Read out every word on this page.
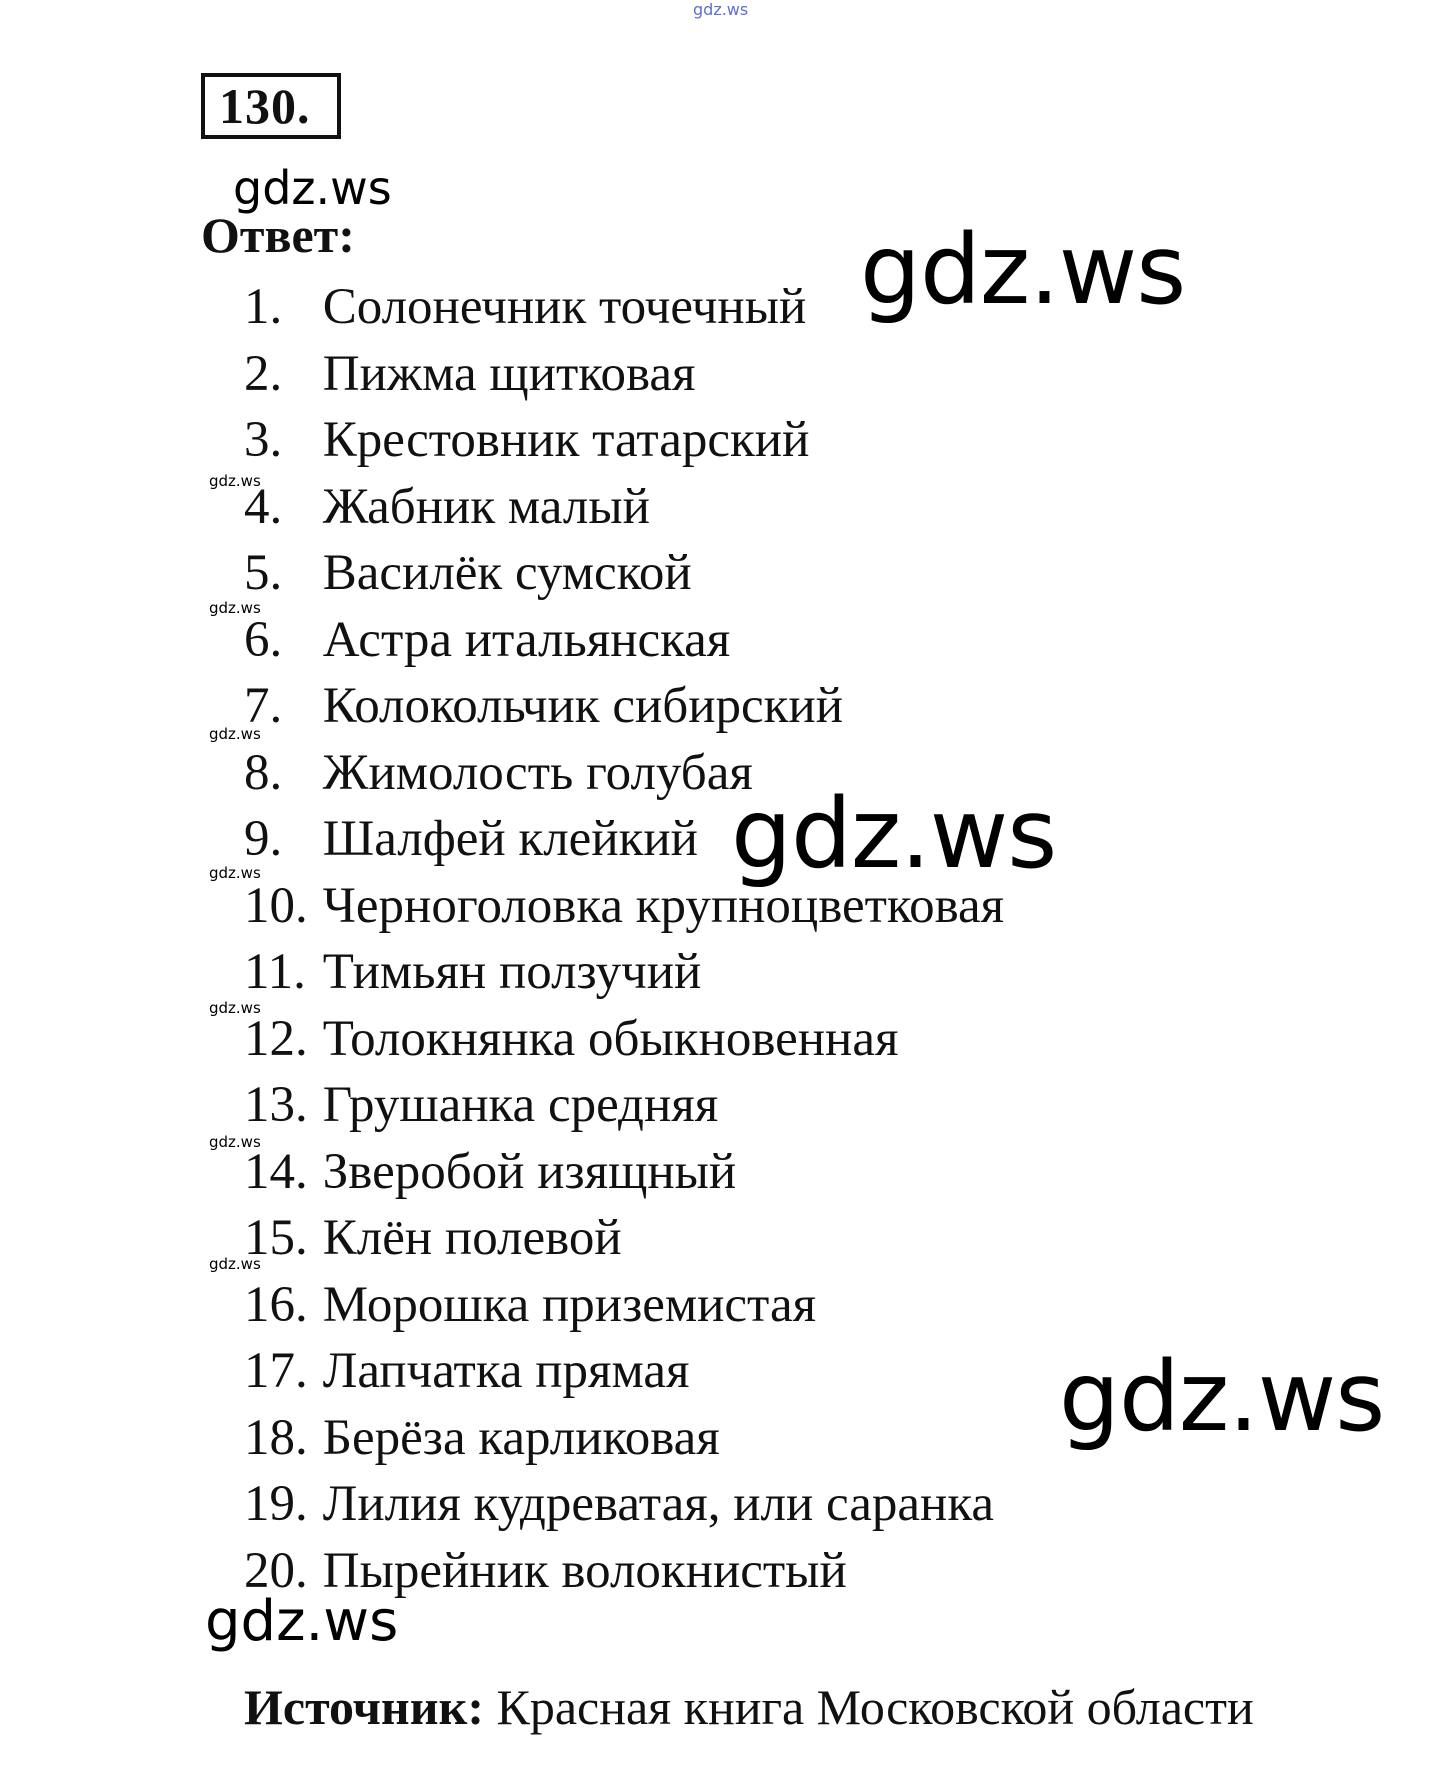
gdz.ws
gdz.ws
gdz.ws
gdz.ws
gdz.ws
gdz.ws
gdz.ws
gdz.ws
gdz.ws
gdz.ws
gdz.ws
gdz.ws
gdz.ws
130.
Ответ:
1. Солонечник точечный
2. Пижма щитковая
3. Крестовник татарский
4. Жабник малый
5. Василёк сумской
6. Астра итальянская
7. Колокольчик сибирский
8. Жимолость голубая
9. Шалфей клейкий
10. Черноголовка крупноцветковая
11. Тимьян ползучий
12. Толокнянка обыкновенная
13. Грушанка средняя
14. Зверобой изящный
15. Клён полевой
16. Морошка приземистая
17. Лапчатка прямая
18. Берёза карликовая
19. Лилия кудреватая, или саранка
20. Пырейник волокнистый
Источник: Красная книга Московской области
